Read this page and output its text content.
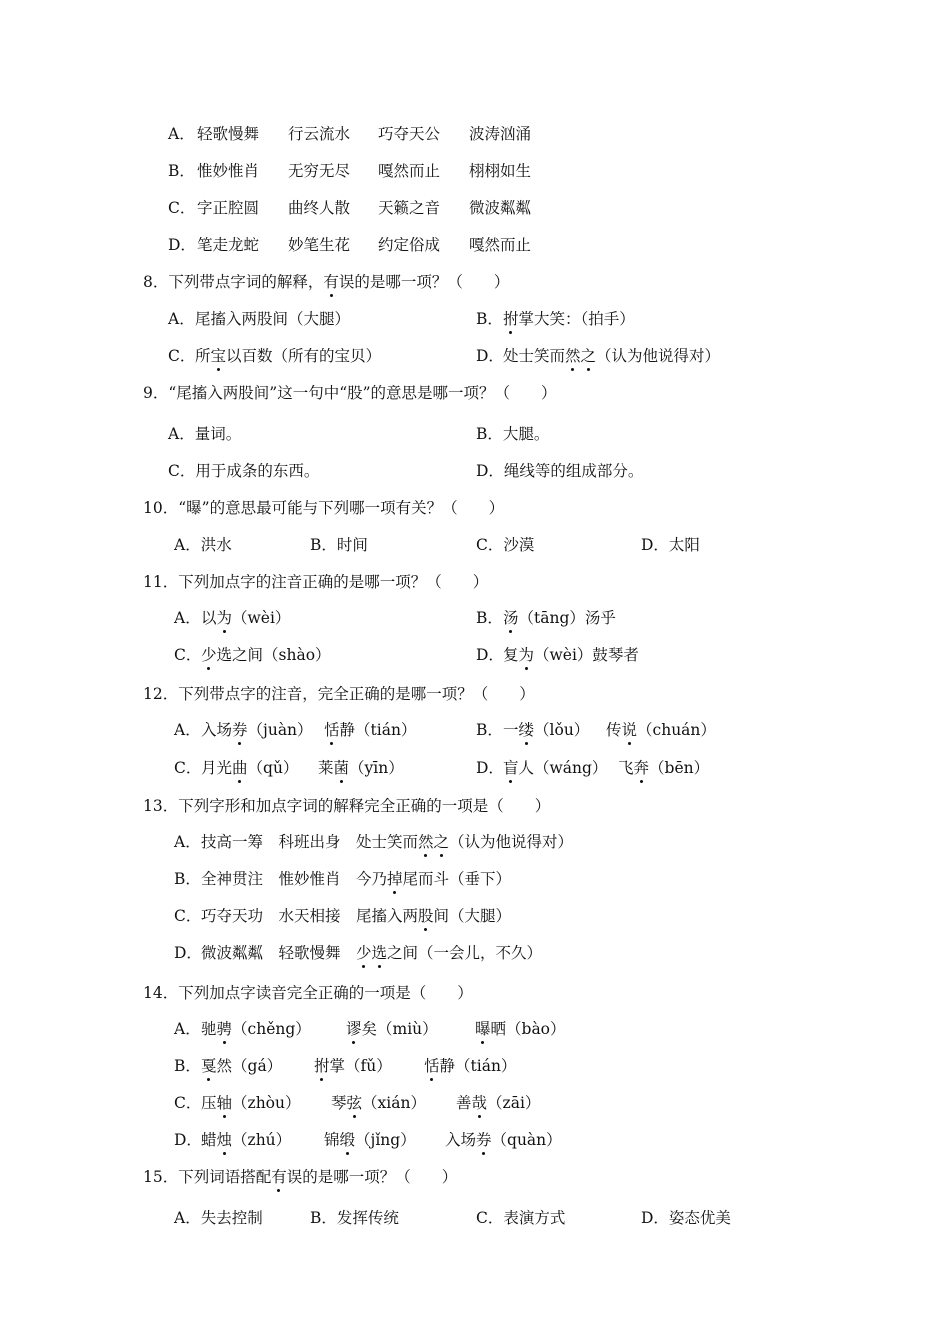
A． 轻歌慢舞 行云流水 巧夺天公 波涛汹涌
B． 惟妙惟肖 无穷无尽 嘎然而止 栩栩如生
C． 字正腔圆 曲终人散 天籁之音 微波粼粼
D． 笔走龙蛇 妙笔生花 约定俗成 嘎然而止
8．下列带点字词的解释，有误的是哪一项？（　　）
A．尾搐入两股间（大腿）	B．拊掌大笑：（拍手）
C．所宝以百数（所有的宝贝）	D．处士笑而然之（认为他说得对）
9．“尾搐入两股间”这一句中“股”的意思是哪一项？（　　）
A．量词。	B．大腿。
C．用于成条的东西。	D．绳线等的组成部分。
10．“曝”的意思最可能与下列哪一项有关？（　　）
A．洪水	B．时间	C．沙漠	D．太阳
11．下列加点字的注音正确的是哪一项？（　　）
A．以为（wèi）	B．汤（tāng）汤乎
C．少选之间（shào）	D．复为（wèi）鼓琴者
12．下列带点字的注音，完全正确的是哪一项？（　　）
A．入场券（juàn） 恬静（tián）	B．一缕（lǒu） 传说（chuán）
C．月光曲（qǔ） 莱菌（yīn）	D．盲人（wáng） 飞奔（bēn）
13．下列字形和加点字词的解释完全正确的一项是（　　）
A．技高一筹　科班出身　处士笑而然之（认为他说得对）
B．全神贯注　惟妙惟肖　今乃掉尾而斗（垂下）
C．巧夺天功　水天相接　尾搐入两股间（大腿）
D．微波粼粼　轻歌慢舞　少选之间（一会儿，不久）
14．下列加点字读音完全正确的一项是（　　）
A．驰骋（chěng） 谬矣（miù） 曝晒（bào）
B．戛然（gá） 拊掌（fǔ） 恬静（tián）
C．压轴（zhòu） 琴弦（xián） 善哉（zāi）
D．蜡烛（zhú） 锦缎（jǐng） 入场券（quàn）
15．下列词语搭配有误的是哪一项？（　　）
A．失去控制	B．发挥传统	C．表演方式	D．姿态优美
